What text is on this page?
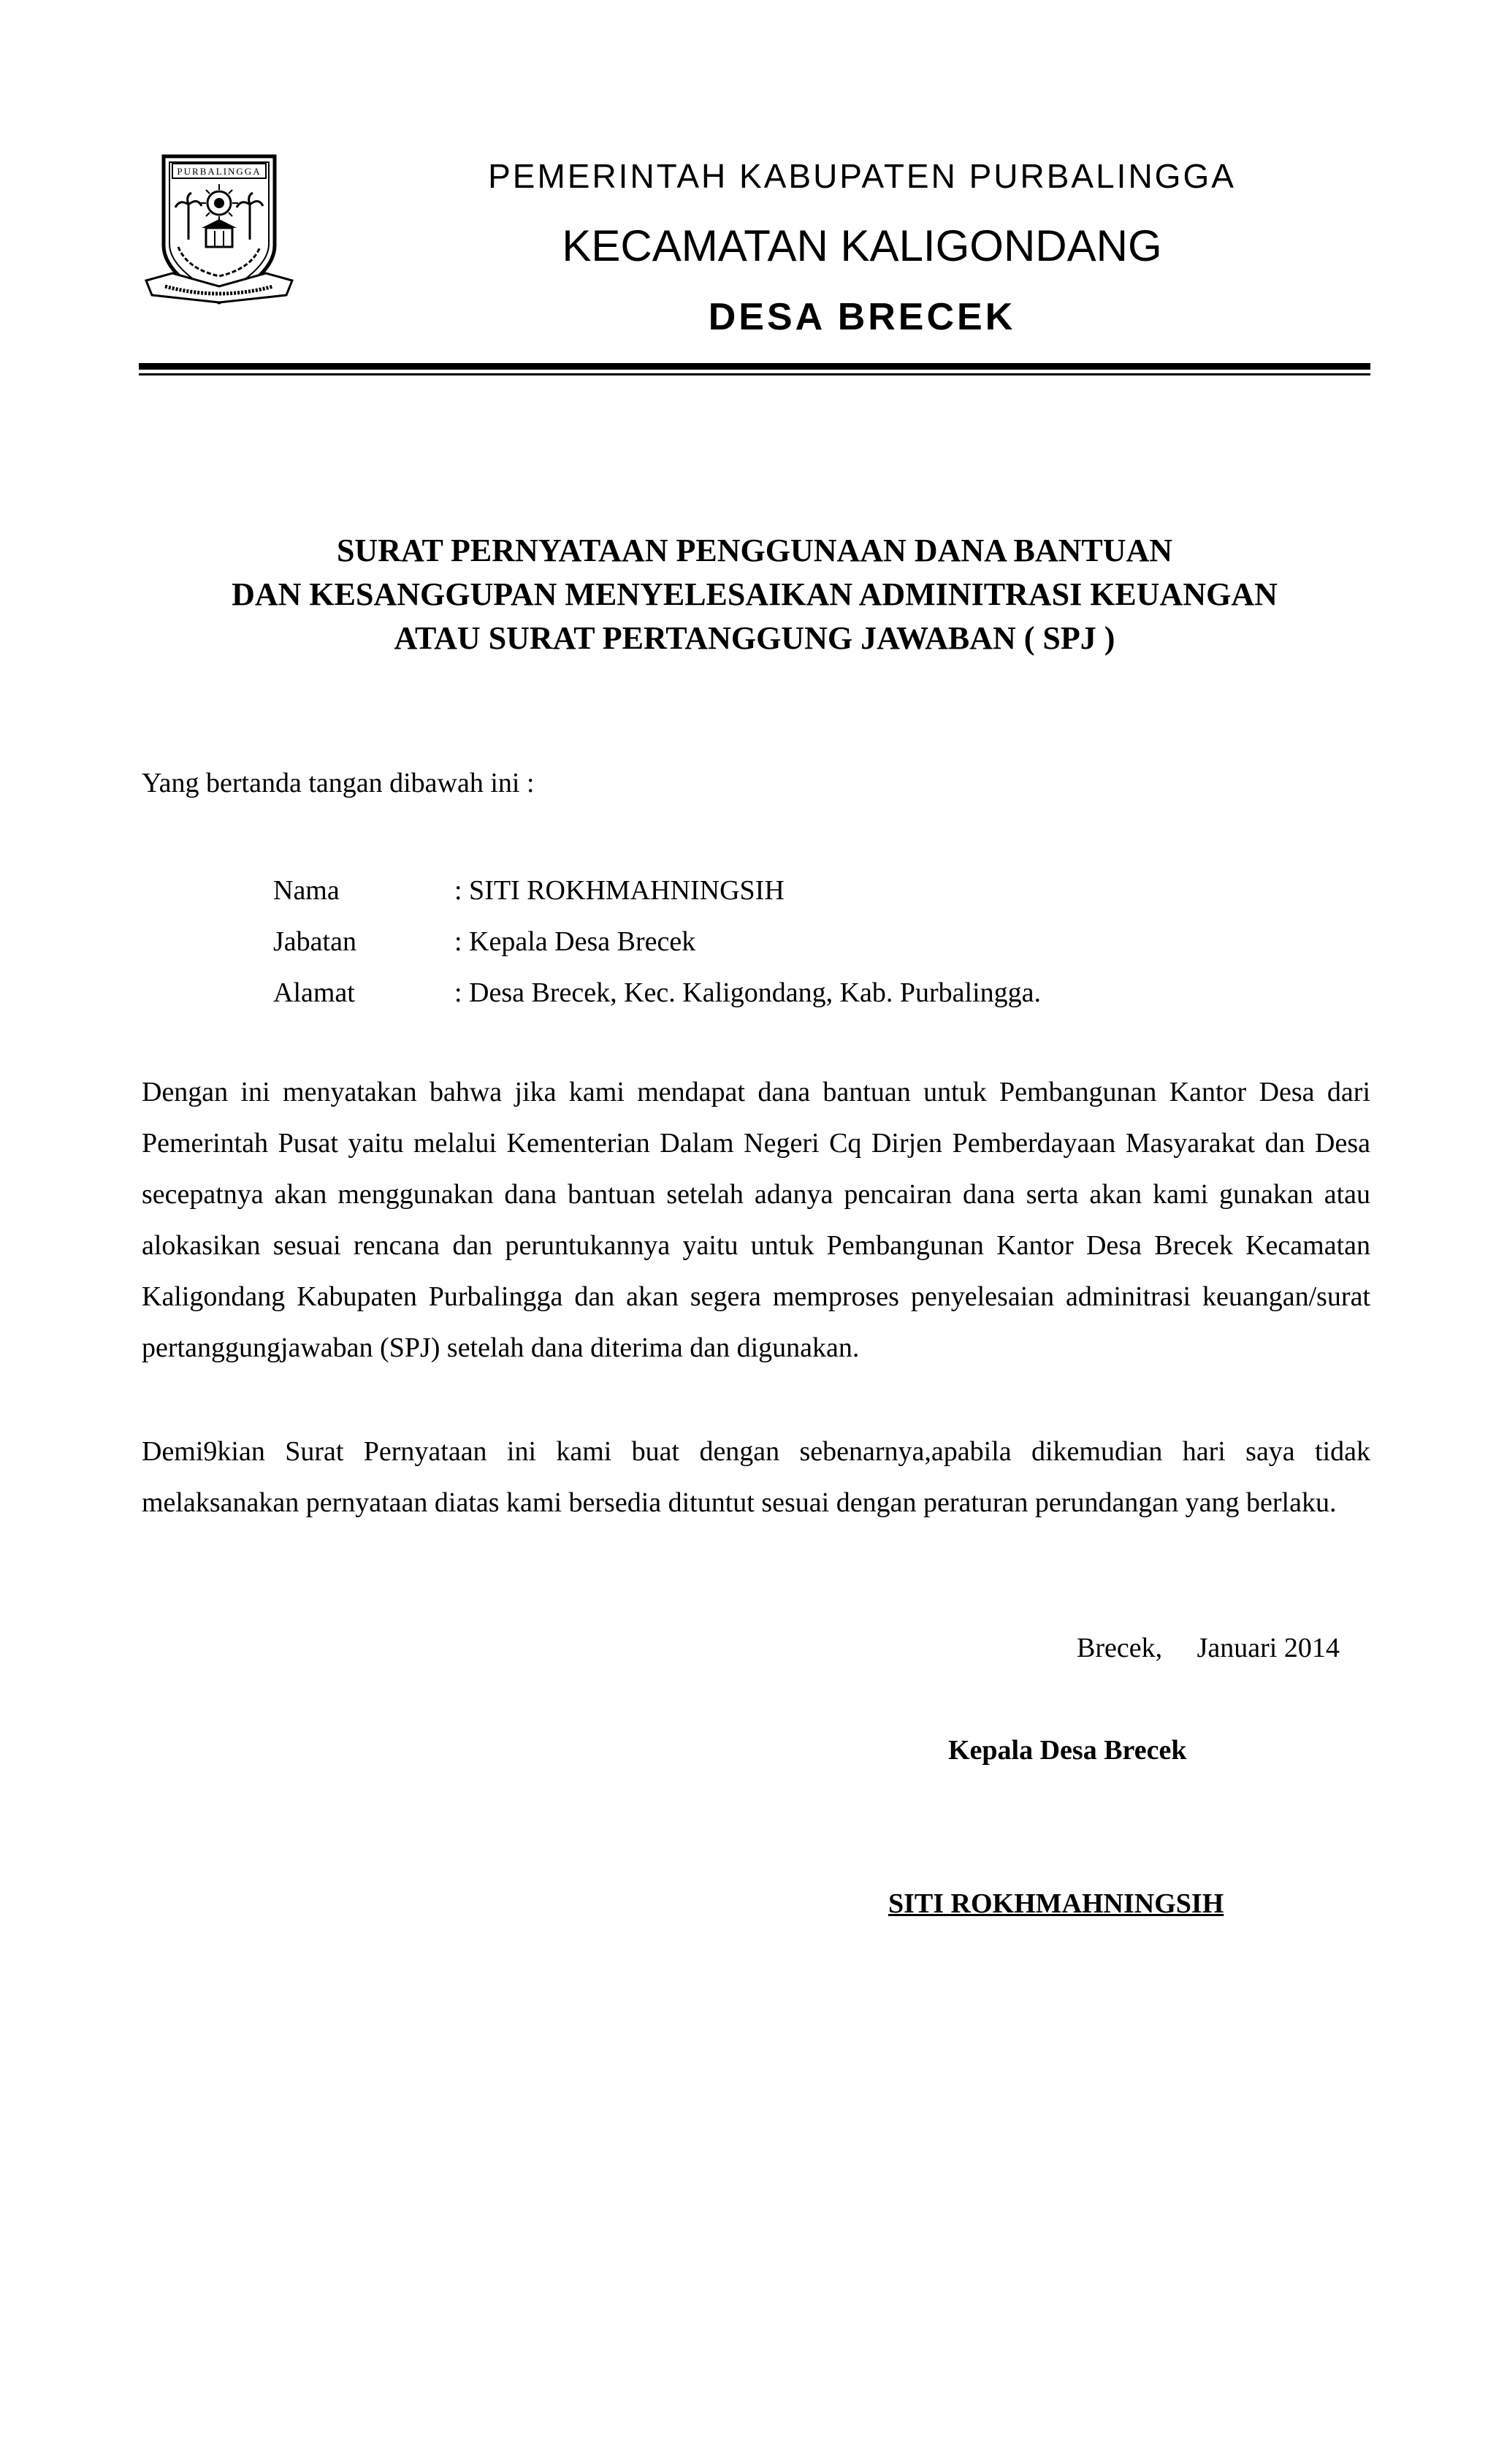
PURBALINGGA	PEMERINTAH KABUPATEN PURBALINGGA
KECAMATAN KALIGONDANG
DESA BRECEK
SURAT PERNYATAAN PENGGUNAAN DANA BANTUAN
DAN KESANGGUPAN MENYELESAIKAN ADMINITRASI KEUANGAN
ATAU SURAT PERTANGGUNG JAWABAN ( SPJ )
Yang bertanda tangan dibawah ini :
Nama	: SITI ROKHMAHNINGSIH
Jabatan	: Kepala Desa Brecek
Alamat	: Desa Brecek, Kec. Kaligondang, Kab. Purbalingga.
Dengan ini menyatakan bahwa jika kami mendapat dana bantuan untuk Pembangunan Kantor Desa dari Pemerintah Pusat yaitu melalui Kementerian Dalam Negeri Cq Dirjen Pemberdayaan Masyarakat dan Desa secepatnya akan menggunakan dana bantuan setelah adanya pencairan dana serta akan kami gunakan atau alokasikan sesuai rencana dan peruntukannya yaitu untuk Pembangunan Kantor Desa Brecek Kecamatan Kaligondang Kabupaten Purbalingga dan akan segera memproses penyelesaian adminitrasi keuangan/surat pertanggungjawaban (SPJ) setelah dana diterima dan digunakan.
Demi9kian Surat Pernyataan ini kami buat dengan sebenarnya,apabila dikemudian hari saya tidak melaksanakan pernyataan diatas kami bersedia dituntut sesuai dengan peraturan perundangan yang berlaku.
Brecek,     Januari 2014
Kepala Desa Brecek
SITI ROKHMAHNINGSIH
